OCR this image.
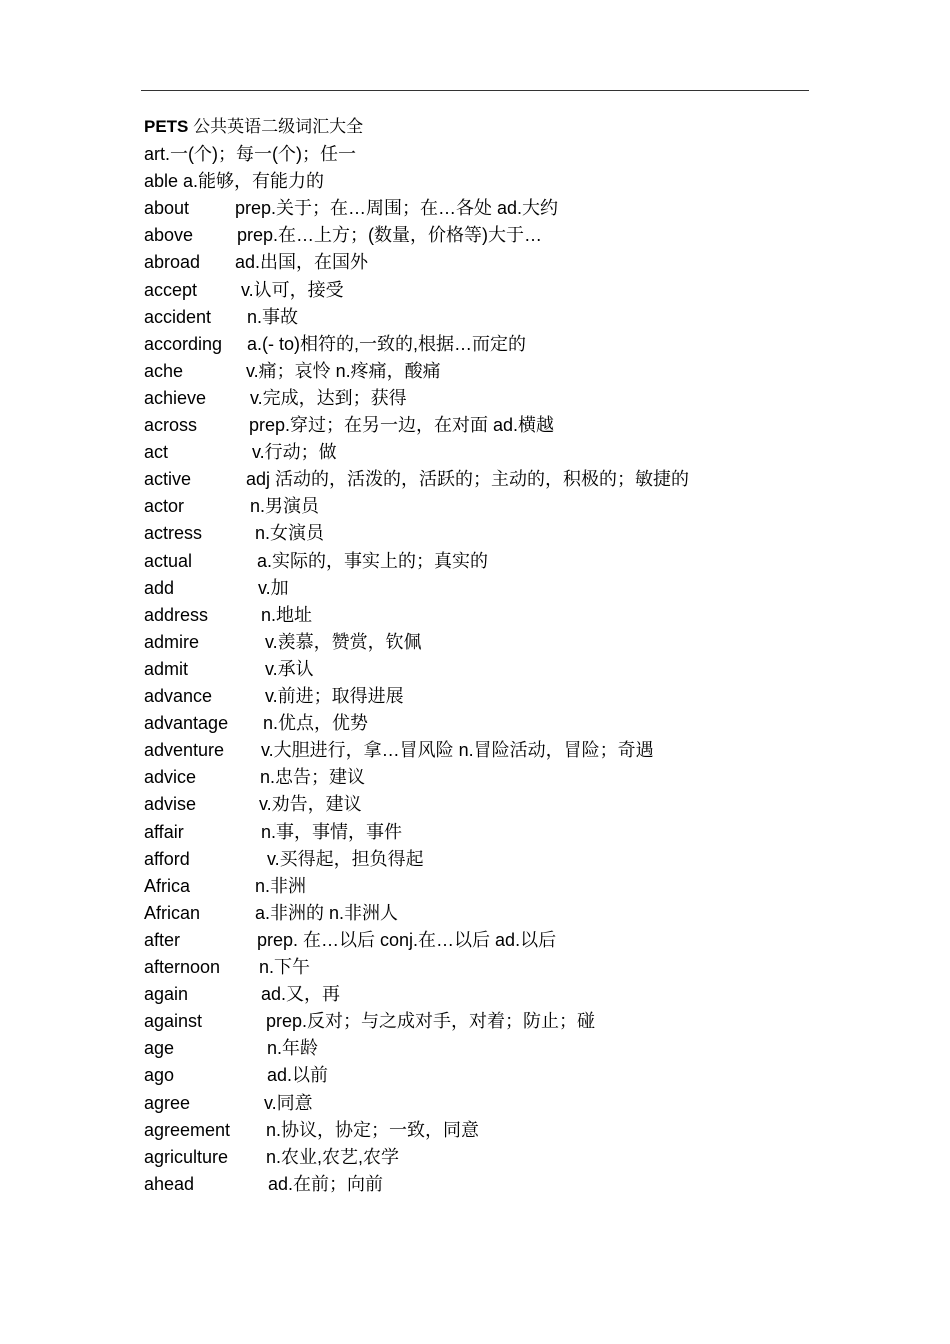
PETS 公共英语二级词汇大全
art.一(个)；每一(个)；任一
able a.能够，有能力的
about	prep.关于；在…周围；在…各处 ad.大约
above prep.在…上方；(数量，价格等)大于…
abroad ad.出国，在国外
accept v.认可，接受
accident n.事故
according a.(- to)相符的,一致的,根据…而定的
ache	v.痛；哀怜 n.疼痛，酸痛
achieve v.完成，达到；获得
across	prep.穿过；在另一边，在对面 ad.横越
act	v.行动；做
active	adj 活动的，活泼的，活跃的；主动的，积极的；敏捷的
actor	n.男演员
actress	n.女演员
actual	a.实际的，事实上的；真实的
add	v.加
address	n.地址
admire	v.羡慕，赞赏，钦佩
admit	v.承认
advance	v.前进；取得进展
advantage n.优点，优势
adventure v.大胆进行，拿…冒风险 n.冒险活动，冒险；奇遇
advice	n.忠告；建议
advise	v.劝告，建议
affair	n.事，事情，事件
afford	v.买得起，担负得起
Africa	n.非洲
African	a.非洲的 n.非洲人
after	prep. 在…以后 conj.在…以后 ad.以后
afternoon n.下午
again	ad.又，再
against	prep.反对；与之成对手，对着；防止；碰
age	n.年龄
ago	ad.以前
agree	v.同意
agreement n.协议，协定；一致，同意
agriculture n.农业,农艺,农学
ahead	ad.在前；向前
